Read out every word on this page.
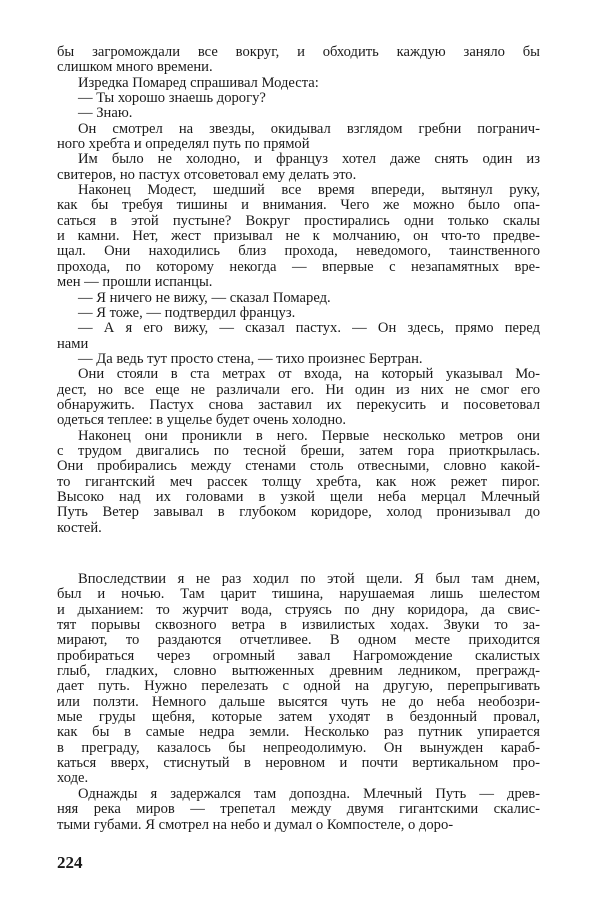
бы загромождали все вокруг, и обходить каждую заняло бы
слишком много времени.
Изредка Помаред спрашивал Модеста:
— Ты хорошо знаешь дорогу?
— Знаю.
Он смотрел на звезды, окидывал взглядом гребни погранич-
ного хребта и определял путь по прямой
Им было не холодно, и француз хотел даже снять один из
свитеров, но пастух отсоветовал ему делать это.
Наконец Модест, шедший все время впереди, вытянул руку,
как бы требуя тишины и внимания. Чего же можно было опа-
саться в этой пустыне? Вокруг простирались одни только скалы
и камни. Нет, жест призывал не к молчанию, он что-то предве-
щал. Они находились близ прохода, неведомого, таинственного
прохода, по которому некогда — впервые с незапамятных вре-
мен — прошли испанцы.
— Я ничего не вижу, — сказал Помаред.
— Я тоже, — подтвердил француз.
— А я его вижу, — сказал пастух. — Он здесь, прямо перед
нами
— Да ведь тут просто стена, — тихо произнес Бертран.
Они стояли в ста метрах от входа, на который указывал Мо-
дест, но все еще не различали его. Ни один из них не смог его
обнаружить. Пастух снова заставил их перекусить и посоветовал
одеться теплее: в ущелье будет очень холодно.
Наконец они проникли в него. Первые несколько метров они
с трудом двигались по тесной бреши, затем гора приоткрылась.
Они пробирались между стенами столь отвесными, словно какой-
то гигантский меч рассек толщу хребта, как нож режет пирог.
Высоко над их головами в узкой щели неба мерцал Млечный
Путь Ветер завывал в глубоком коридоре, холод пронизывал до
костей.
Впоследствии я не раз ходил по этой щели. Я был там днем,
был и ночью. Там царит тишина, нарушаемая лишь шелестом
и дыханием: то журчит вода, струясь по дну коридора, да свис-
тят порывы сквозного ветра в извилистых ходах. Звуки то за-
мирают, то раздаются отчетливее. В одном месте приходится
пробираться через огромный завал Нагромождение скалистых
глыб, гладких, словно вытюженных древним ледником, прегражд-
дает путь. Нужно перелезать с одной на другую, перепрыгивать
или ползти. Немного дальше высятся чуть не до неба необозри-
мые груды щебня, которые затем уходят в бездонный провал,
как бы в самые недра земли. Несколько раз путник упирается
в преграду, казалось бы непреодолимую. Он вынужден караб-
каться вверх, стиснутый в неровном и почти вертикальном про-
ходе.
Однажды я задержался там допоздна. Млечный Путь — древ-
няя река миров — трепетал между двумя гигантскими скалис-
тыми губами. Я смотрел на небо и думал о Компостеле, о доро-
224
